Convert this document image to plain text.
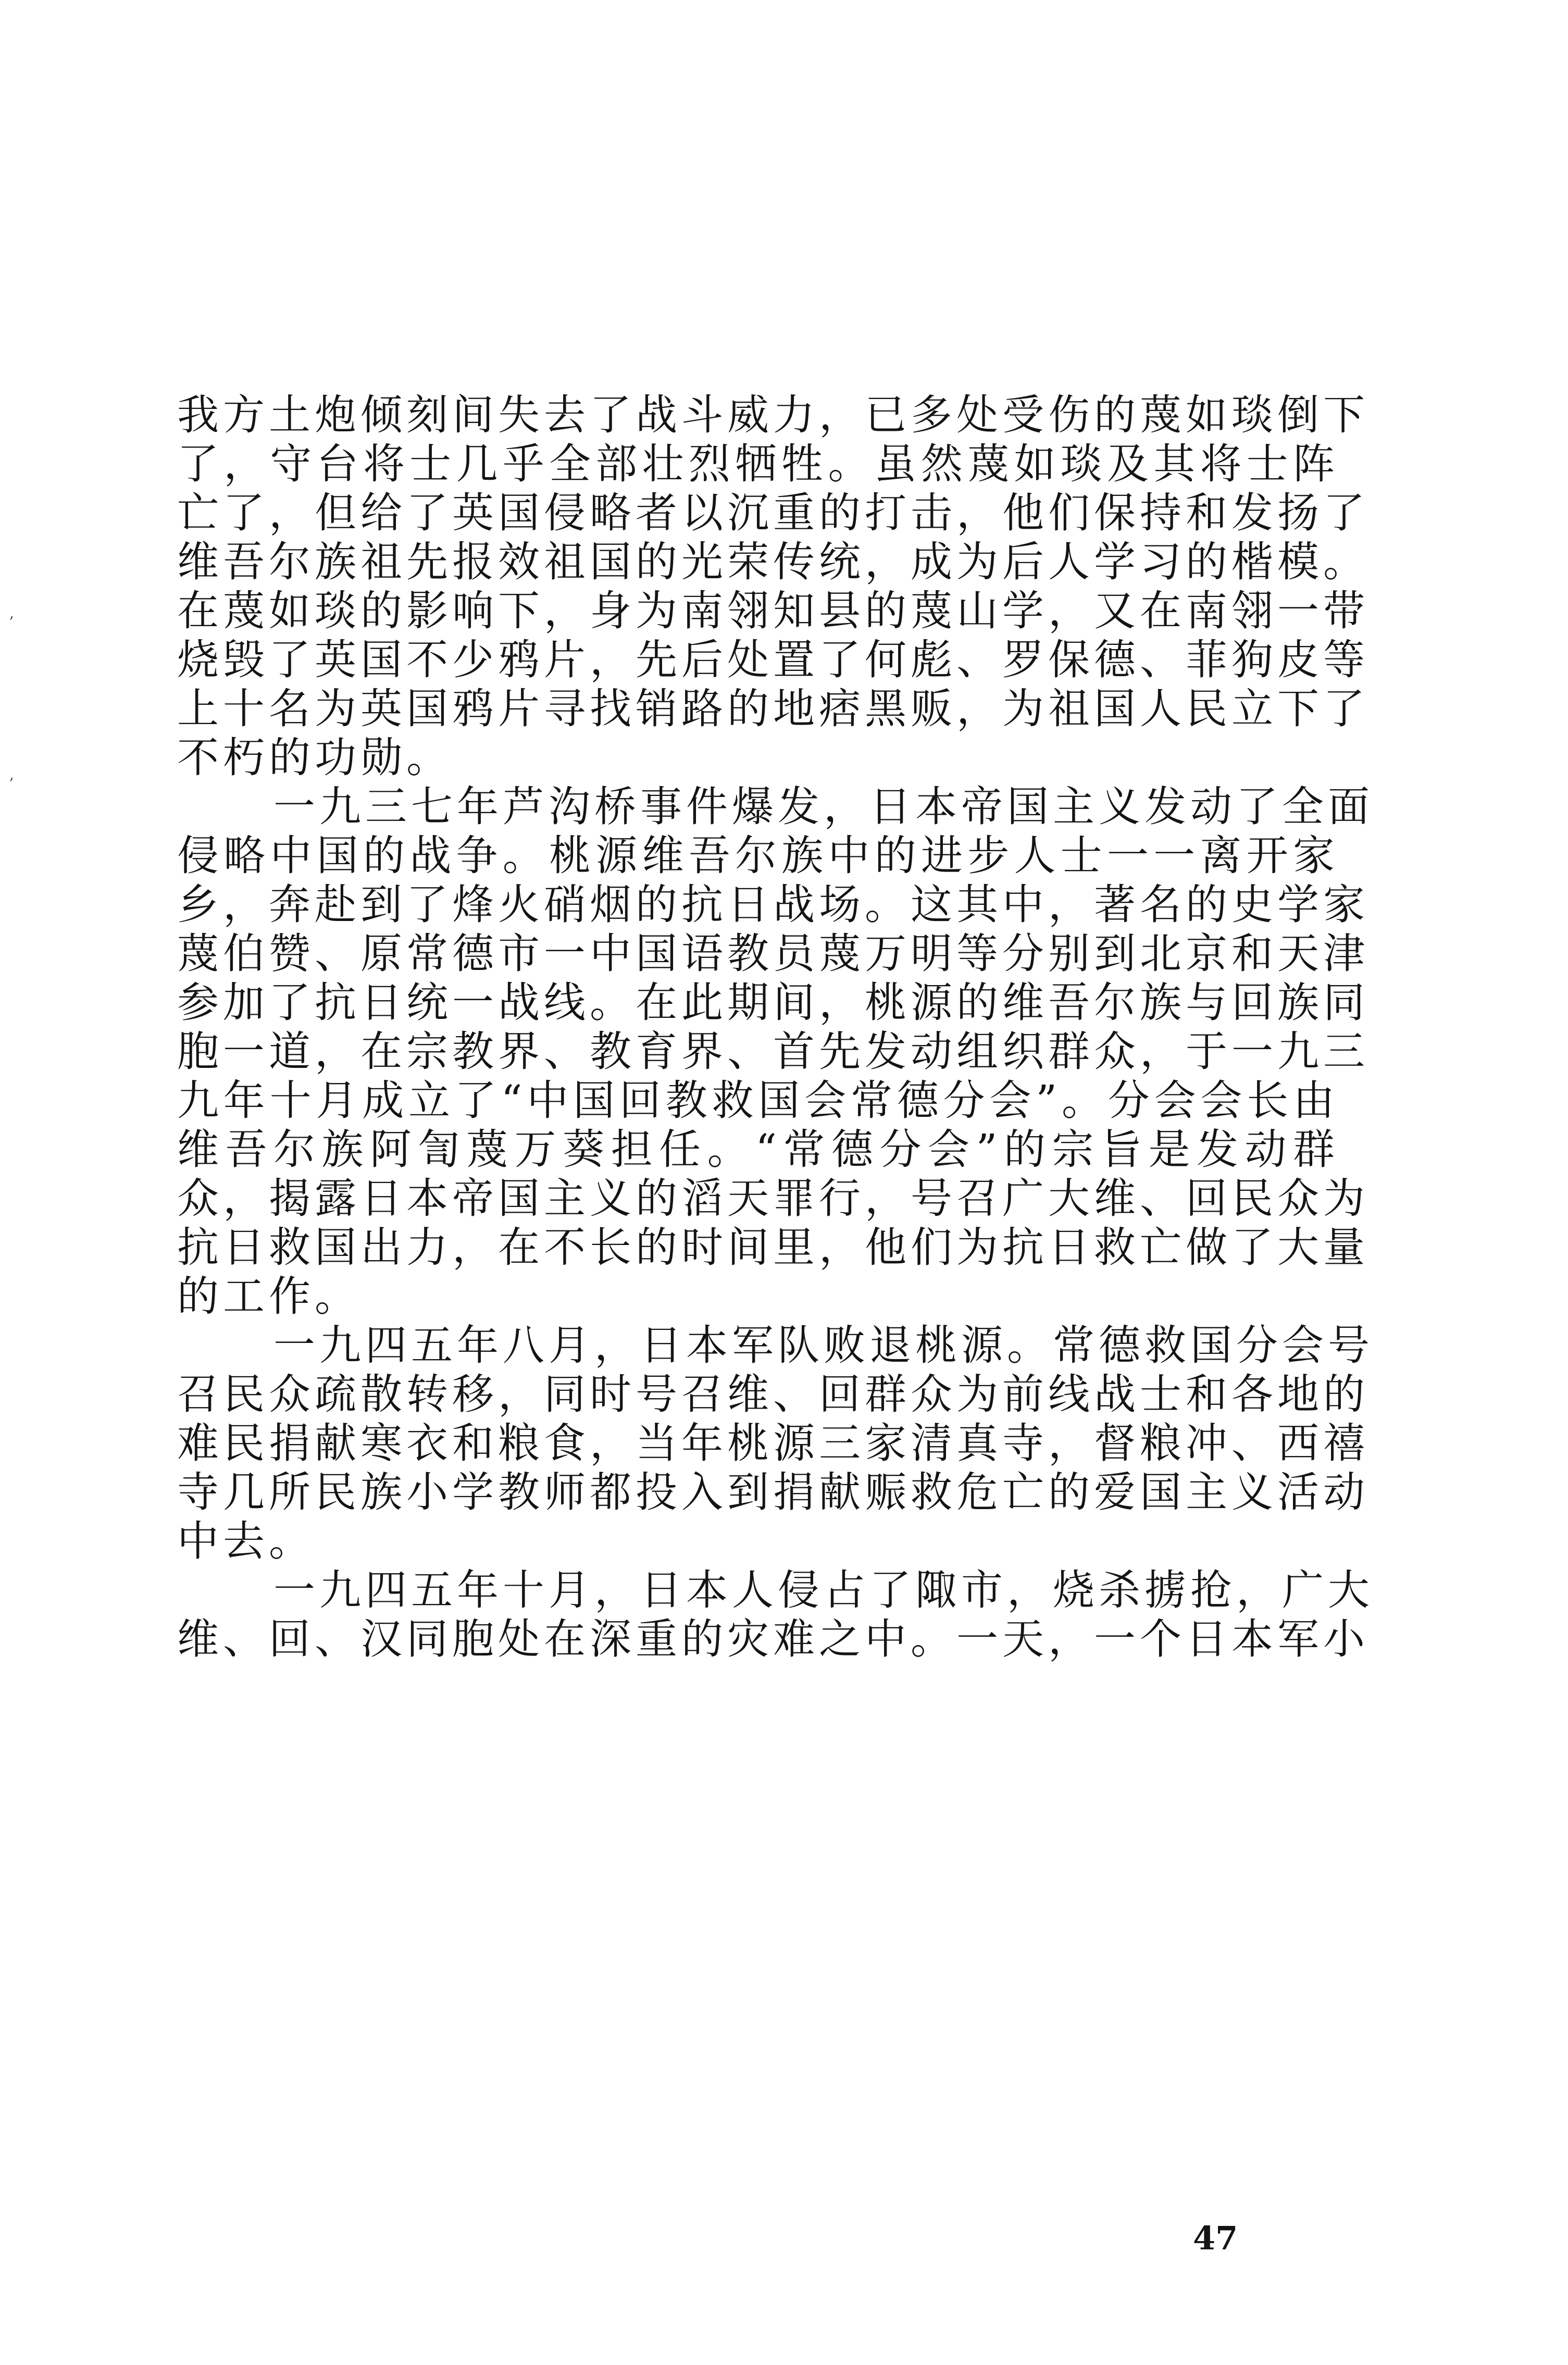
,
,
我方土炮倾刻间失去了战斗威力，已多处受伤的蔑如琰倒下
了，守台将士几乎全部壮烈牺牲。虽然蔑如琰及其将士阵
亡了，但给了英国侵略者以沉重的打击，他们保持和发扬了
维吾尔族祖先报效祖国的光荣传统，成为后人学习的楷模。
在蔑如琰的影响下，身为南翎知县的蔑山学，又在南翎一带
烧毁了英国不少鸦片，先后处置了何彪、罗保德、菲狗皮等
上十名为英国鸦片寻找销路的地痞黑贩，为祖国人民立下了
不朽的功勋。
一九三七年芦沟桥事件爆发，日本帝国主义发动了全面
侵略中国的战争。桃源维吾尔族中的进步人士一一离开家
乡，奔赴到了烽火硝烟的抗日战场。这其中，著名的史学家
蔑伯赞、原常德市一中国语教员蔑万明等分别到北京和天津
参加了抗日统一战线。在此期间，桃源的维吾尔族与回族同
胞一道，在宗教界、教育界、首先发动组织群众，于一九三
九年十月成立了“中国回教救国会常德分会”。分会会长由
维吾尔族阿訇蔑万葵担任。“常德分会”的宗旨是发动群
众，揭露日本帝国主义的滔天罪行，号召广大维、回民众为
抗日救国出力，在不长的时间里，他们为抗日救亡做了大量
的工作。
一九四五年八月，日本军队败退桃源。常德救国分会号
召民众疏散转移，同时号召维、回群众为前线战士和各地的
难民捐献寒衣和粮食，当年桃源三家清真寺，督粮冲、西禧
寺几所民族小学教师都投入到捐献赈救危亡的爱国主义活动
中去。
一九四五年十月，日本人侵占了陬市，烧杀掳抢，广大
维、回、汉同胞处在深重的灾难之中。一天，一个日本军小
47
